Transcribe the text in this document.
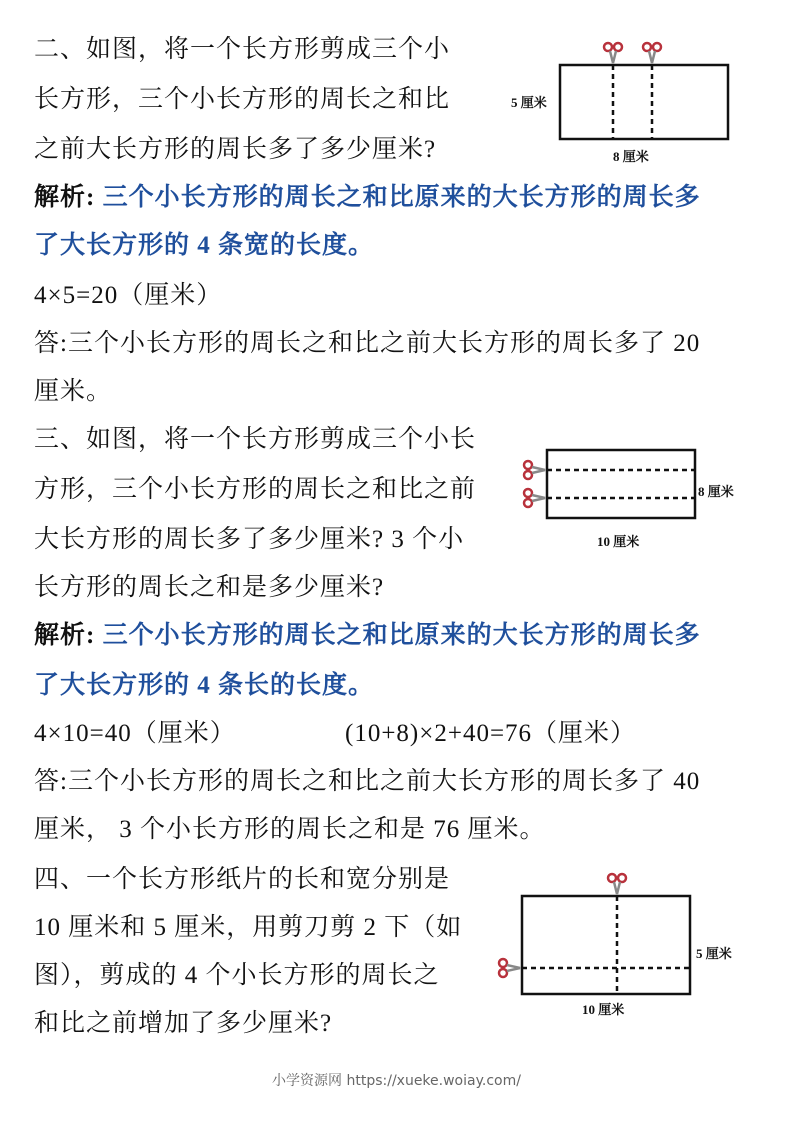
二、如图，将一个长方形剪成三个小
长方形，三个小长方形的周长之和比
之前大长方形的周长多了多少厘米?
解析: 三个小长方形的周长之和比原来的大长方形的周长多
了大长方形的 4 条宽的长度。
4×5=20（厘米）
答:三个小长方形的周长之和比之前大长方形的周长多了 20
厘米。
5 厘米
8 厘米
三、如图，将一个长方形剪成三个小长
方形，三个小长方形的周长之和比之前
大长方形的周长多了多少厘米? 3 个小
长方形的周长之和是多少厘米?
解析: 三个小长方形的周长之和比原来的大长方形的周长多
了大长方形的 4 条长的长度。
4×10=40（厘米）	(10+8)×2+40=76（厘米）
答:三个小长方形的周长之和比之前大长方形的周长多了 40
厘米， 3 个小长方形的周长之和是 76 厘米。
8 厘米
10 厘米
四、一个长方形纸片的长和宽分别是
10 厘米和 5 厘米，用剪刀剪 2 下（如
图），剪成的 4 个小长方形的周长之
和比之前增加了多少厘米?
5 厘米
10 厘米
小学资源网 https://xueke.woiay.com/
